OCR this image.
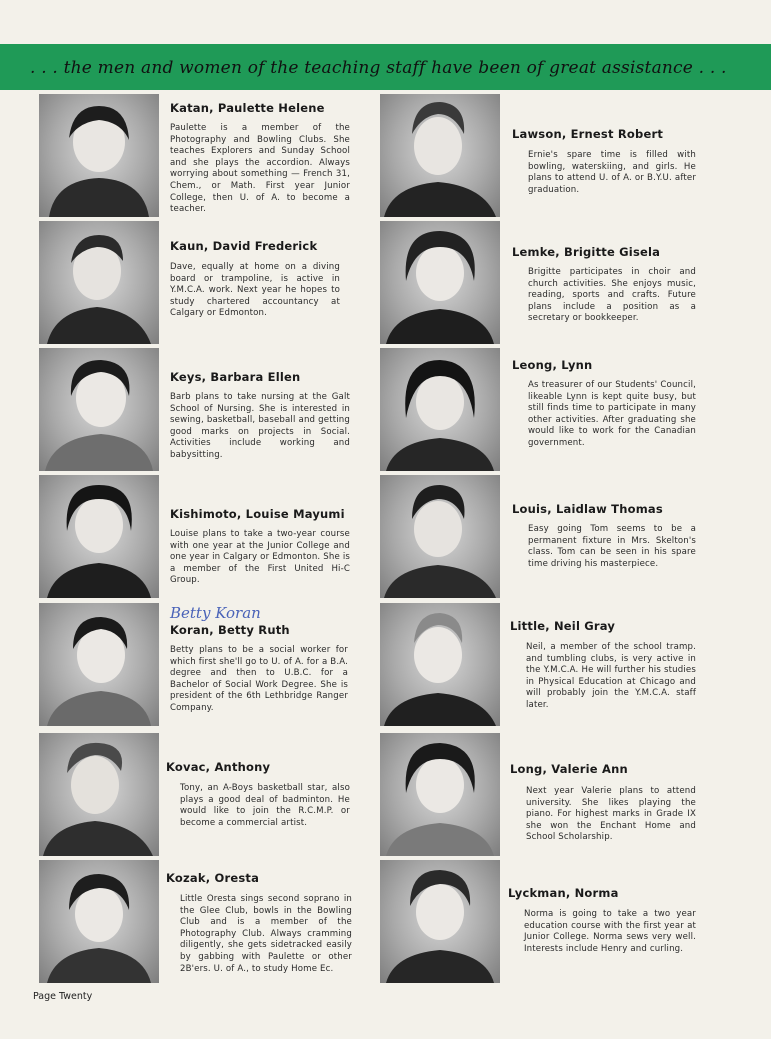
. . . the men and women of the teaching staff have been of great assistance . . .
Katan, Paulette Helene
Paulette is a member of the Photography and Bowling Clubs. She teaches Explorers and Sunday School and she plays the accordion. Always worrying about something — French 31, Chem., or Math. First year Junior College, then U. of A. to become a teacher.
Kaun, David Frederick
Dave, equally at home on a diving board or trampoline, is active in Y.M.C.A. work. Next year he hopes to study chartered accountancy at Calgary or Edmonton.
Keys, Barbara Ellen
Barb plans to take nursing at the Galt School of Nursing. She is interested in sewing, basketball, baseball and getting good marks on projects in Social. Activities include working and babysitting.
Kishimoto, Louise Mayumi
Louise plans to take a two-year course with one year at the Junior College and one year in Calgary or Edmonton. She is a member of the First United Hi-C Group.
Betty Koran
Koran, Betty Ruth
Betty plans to be a social worker for which first she'll go to U. of A. for a B.A. degree and then to U.B.C. for a Bachelor of Social Work Degree. She is president of the 6th Lethbridge Ranger Company.
Kovac, Anthony
Tony, an A-Boys basketball star, also plays a good deal of badminton. He would like to join the R.C.M.P. or become a commercial artist.
Kozak, Oresta
Little Oresta sings second soprano in the Glee Club, bowls in the Bowling Club and is a member of the Photography Club. Always cramming diligently, she gets sidetracked easily by gabbing with Paulette or other 2B'ers. U. of A., to study Home Ec.
Lawson, Ernest Robert
Ernie's spare time is filled with bowling, waterskiing, and girls. He plans to attend U. of A. or B.Y.U. after graduation.
Lemke, Brigitte Gisela
Brigitte participates in choir and church activities. She enjoys music, reading, sports and crafts. Future plans include a position as a secretary or bookkeeper.
Leong, Lynn
As treasurer of our Students' Council, likeable Lynn is kept quite busy, but still finds time to participate in many other activities. After graduating she would like to work for the Canadian government.
Louis, Laidlaw Thomas
Easy going Tom seems to be a permanent fixture in Mrs. Skelton's class. Tom can be seen in his spare time driving his masterpiece.
Little, Neil Gray
Neil, a member of the school tramp. and tumbling clubs, is very active in the Y.M.C.A. He will further his studies in Physical Education at Chicago and will probably join the Y.M.C.A. staff later.
Long, Valerie Ann
Next year Valerie plans to attend university. She likes playing the piano. For highest marks in Grade IX she won the Enchant Home and School Scholarship.
Lyckman, Norma
Norma is going to take a two year education course with the first year at Junior College. Norma sews very well. Interests include Henry and curling.
Page Twenty
